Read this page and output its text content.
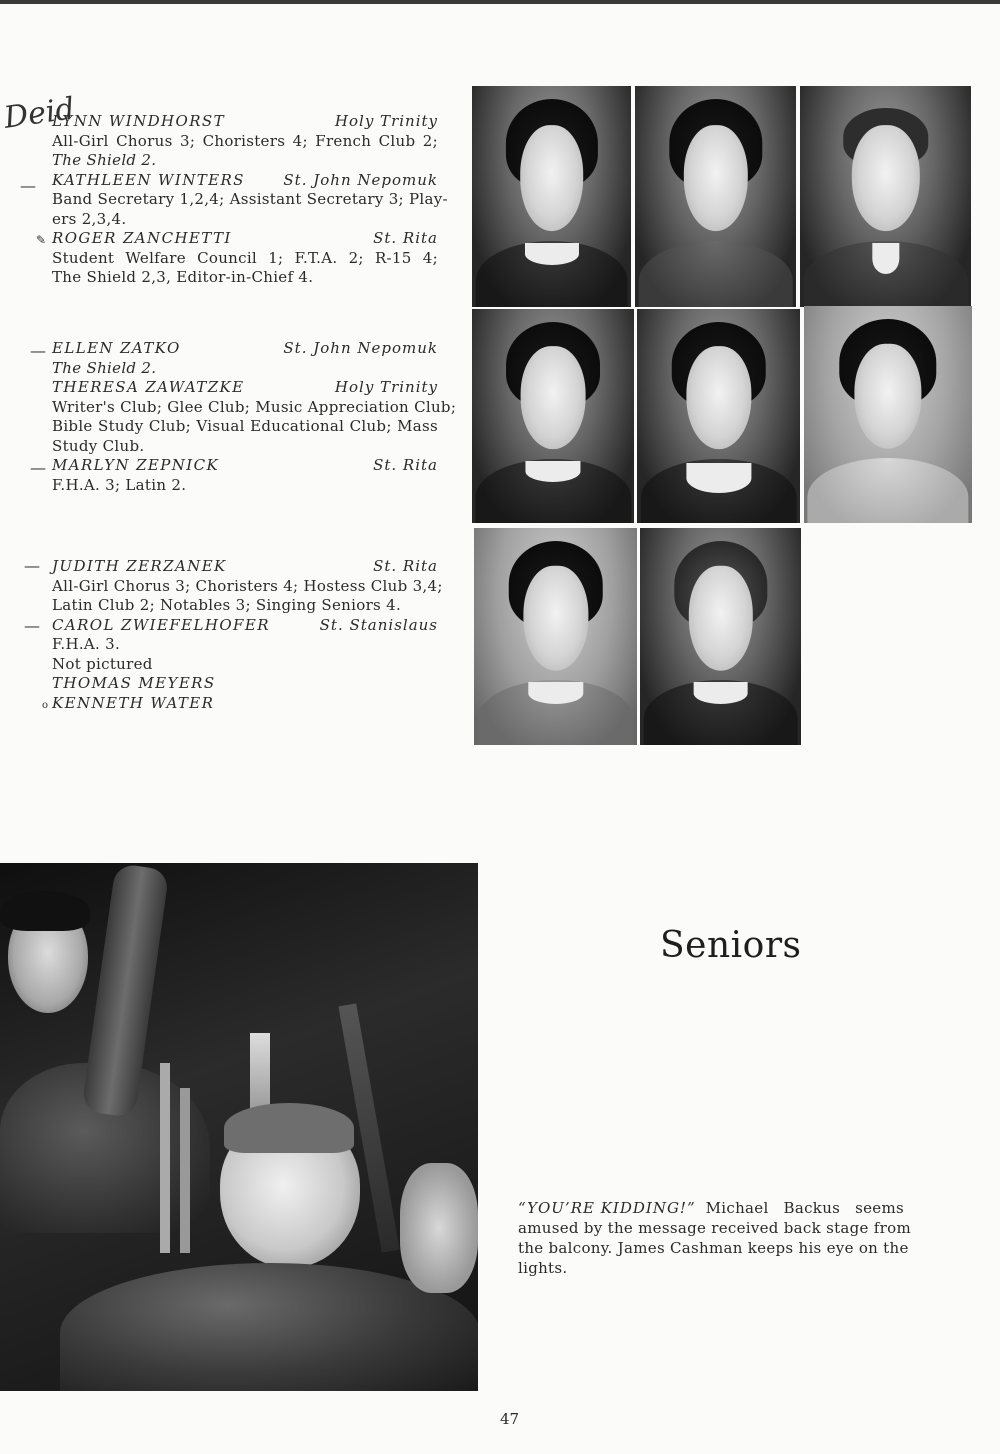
Deid
—
✎
—
—
—
—
o
LYNN WINDHORST	Holy Trinity
All-Girl Chorus 3; Choristers 4; French Club 2;
The Shield 2.
KATHLEEN WINTERS	St. John Nepomuk
Band Secretary 1,2,4; Assistant Secretary 3; Play-
ers 2,3,4.
ROGER ZANCHETTI	St. Rita
Student Welfare Council 1; F.T.A. 2; R-15 4;
The Shield 2,3, Editor-in-Chief 4.
ELLEN ZATKO	St. John Nepomuk
The Shield 2.
THERESA ZAWATZKE	Holy Trinity
Writer's Club; Glee Club; Music Appreciation Club;
Bible Study Club; Visual Educational Club; Mass
Study Club.
MARLYN ZEPNICK	St. Rita
F.H.A. 3; Latin 2.
JUDITH ZERZANEK	St. Rita
All-Girl Chorus 3; Choristers 4; Hostess Club 3,4;
Latin Club 2; Notables 3; Singing Seniors 4.
CAROL ZWIEFELHOFER	St. Stanislaus
F.H.A. 3.
Not pictured
THOMAS MEYERS
KENNETH WATER
Seniors
“YOU’RE KIDDING!” Michael Backus seems
amused by the message received back stage from
the balcony. James Cashman keeps his eye on the
lights.
47
